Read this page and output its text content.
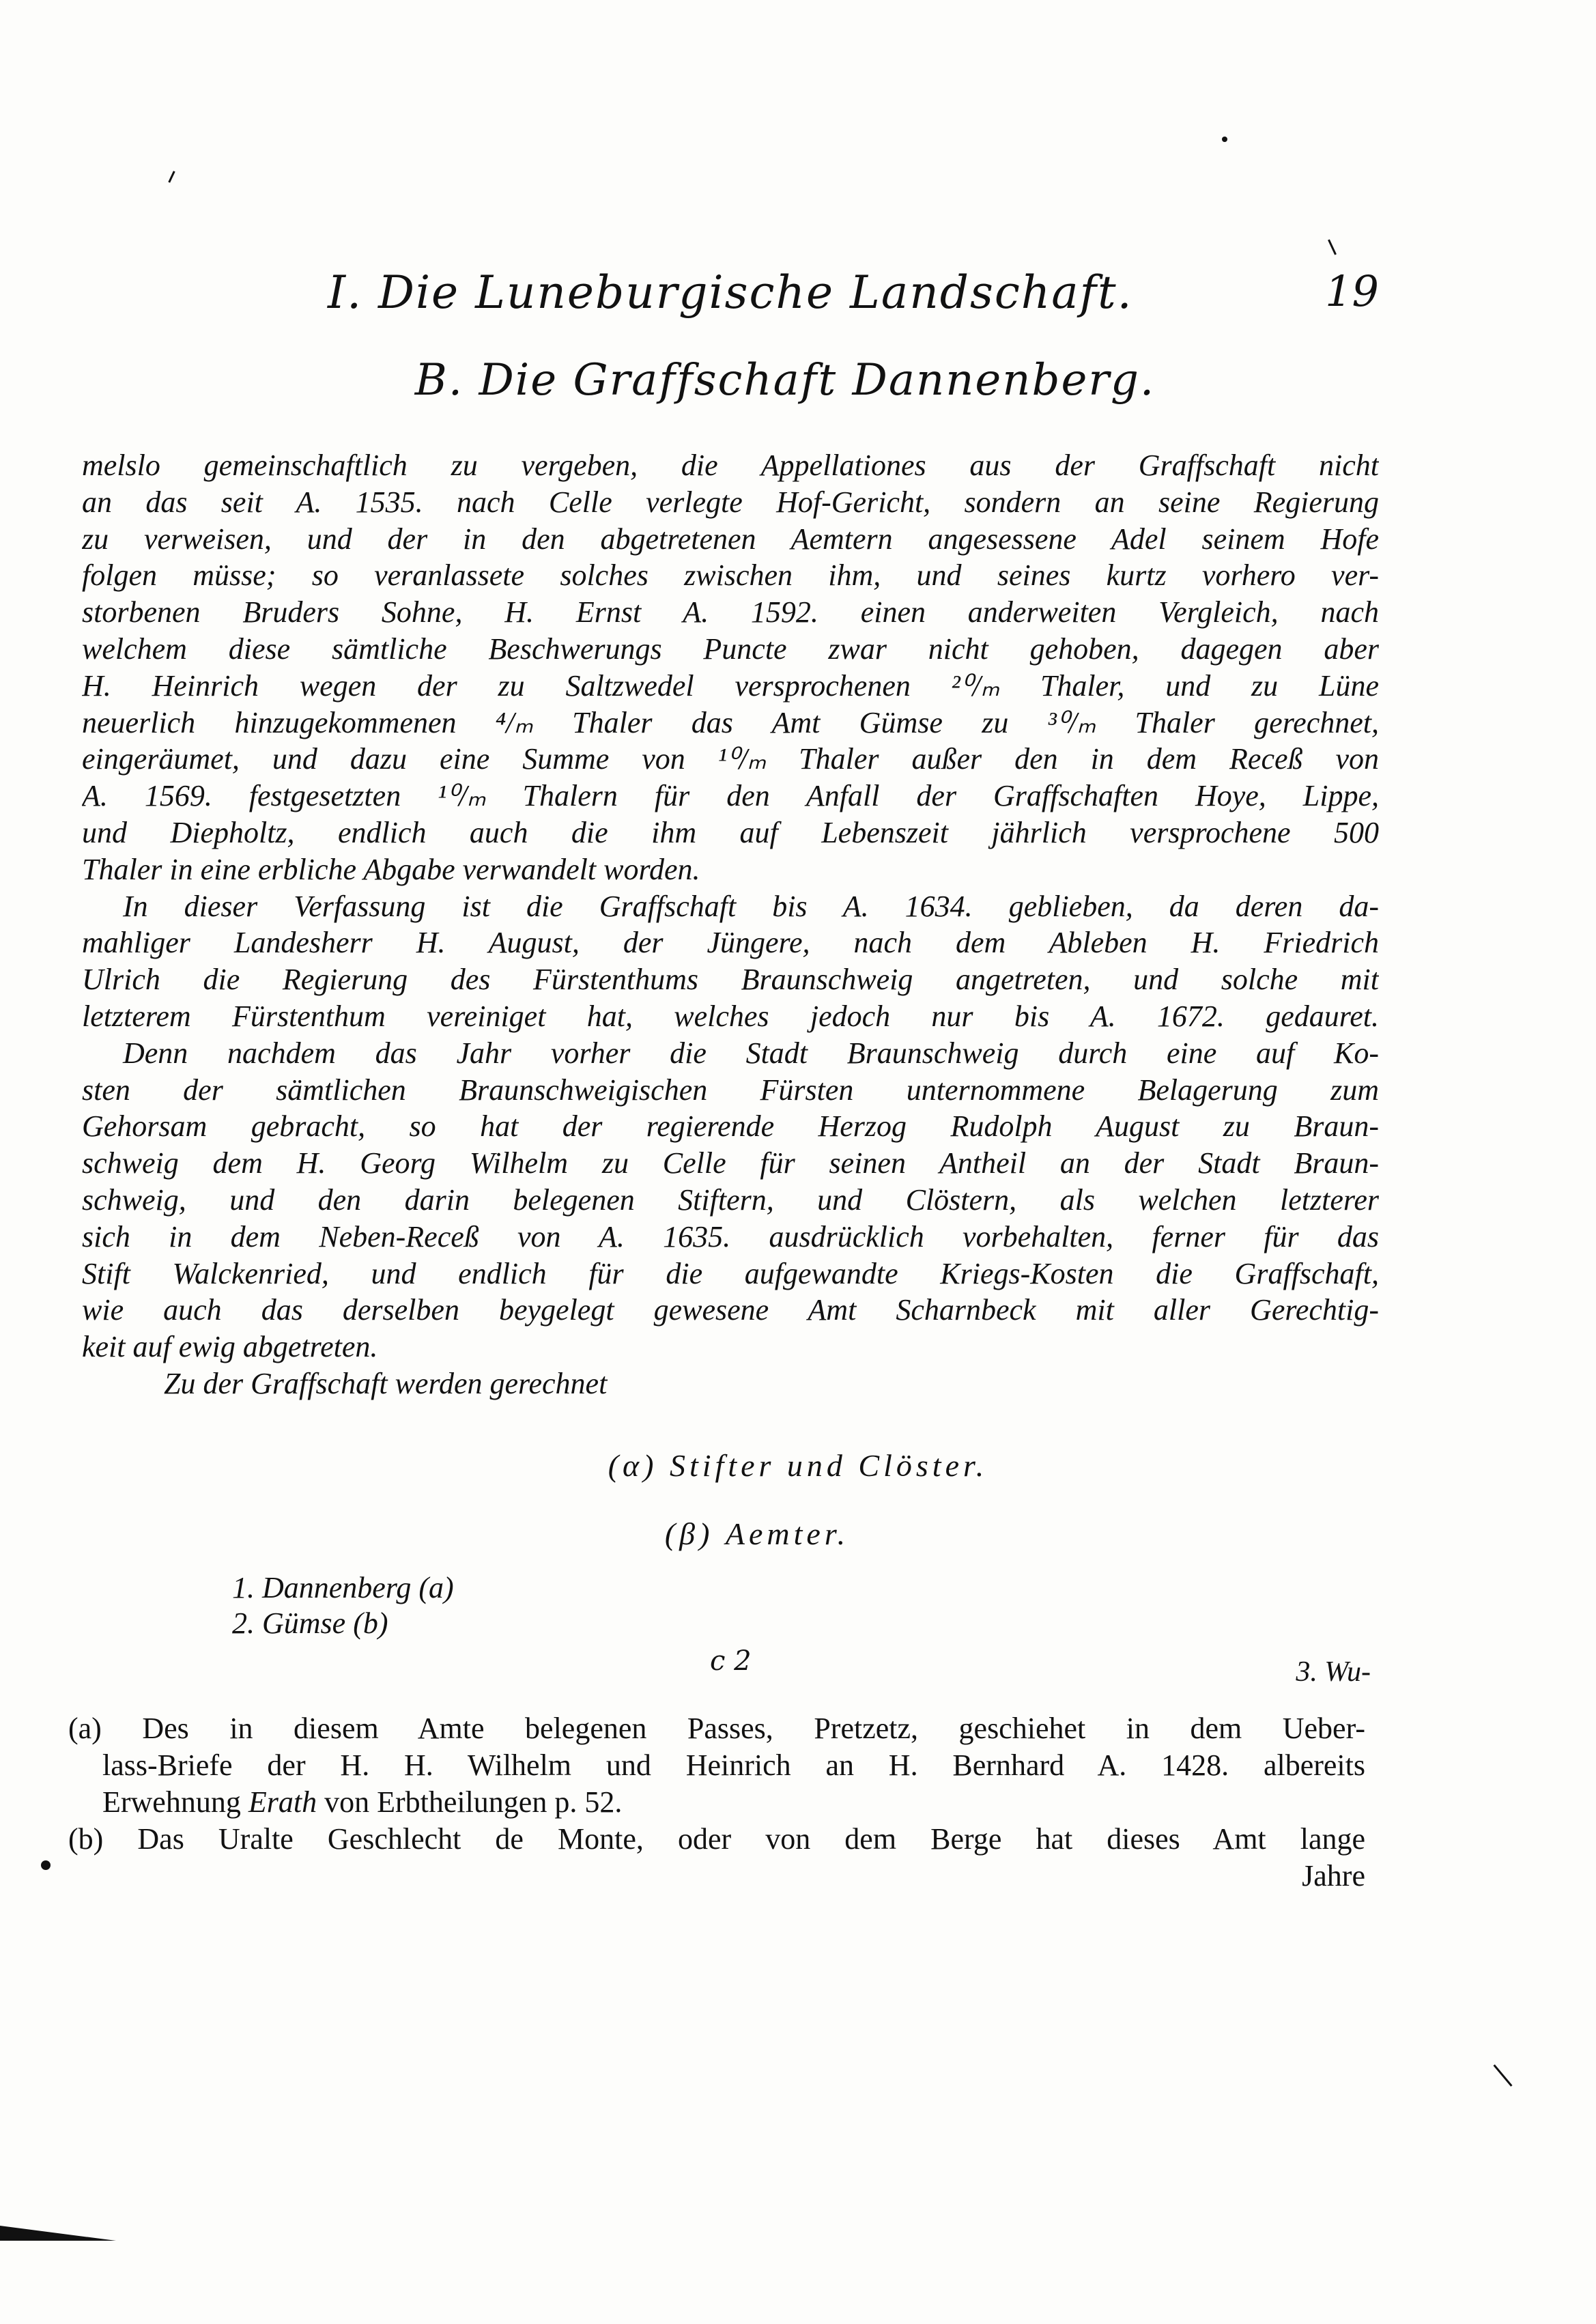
I. Die Luneburgische Landschaft.	19
B. Die Graffschaft Dannenberg.
melslo gemeinschaftlich zu vergeben, die Appellationes aus der Graffschaft nicht
an das seit A. 1535. nach Celle verlegte Hof-Gericht, sondern an seine Regierung
zu verweisen, und der in den abgetretenen Aemtern angesessene Adel seinem Hofe
folgen müsse; so veranlassete solches zwischen ihm, und seines kurtz vorhero ver-
storbenen Bruders Sohne, H. Ernst A. 1592. einen anderweiten Vergleich, nach
welchem diese sämtliche Beschwerungs Puncte zwar nicht gehoben, dagegen aber
H. Heinrich wegen der zu Saltzwedel versprochenen ²⁰/ₘ Thaler, und zu Lüne
neuerlich hinzugekommenen ⁴/ₘ Thaler das Amt Gümse zu ³⁰/ₘ Thaler gerechnet,
eingeräumet, und dazu eine Summe von ¹⁰/ₘ Thaler außer den in dem Receß von
A. 1569. festgesetzten ¹⁰/ₘ Thalern für den Anfall der Graffschaften Hoye, Lippe,
und Diepholtz, endlich auch die ihm auf Lebenszeit jährlich versprochene 500
Thaler in eine erbliche Abgabe verwandelt worden.
In dieser Verfassung ist die Graffschaft bis A. 1634. geblieben, da deren da-
mahliger Landesherr H. August, der Jüngere, nach dem Ableben H. Friedrich
Ulrich die Regierung des Fürstenthums Braunschweig angetreten, und solche mit
letzterem Fürstenthum vereiniget hat, welches jedoch nur bis A. 1672. gedauret.
Denn nachdem das Jahr vorher die Stadt Braunschweig durch eine auf Ko-
sten der sämtlichen Braunschweigischen Fürsten unternommene Belagerung zum
Gehorsam gebracht, so hat der regierende Herzog Rudolph August zu Braun-
schweig dem H. Georg Wilhelm zu Celle für seinen Antheil an der Stadt Braun-
schweig, und den darin belegenen Stiftern, und Clöstern, als welchen letzterer
sich in dem Neben-Receß von A. 1635. ausdrücklich vorbehalten, ferner für das
Stift Walckenried, und endlich für die aufgewandte Kriegs-Kosten die Graffschaft,
wie auch das derselben beygelegt gewesene Amt Scharnbeck mit aller Gerechtig-
keit auf ewig abgetreten.
Zu der Graffschaft werden gerechnet
(α) Stifter und Clöster.
(β) Aemter.
1. Dannenberg (a)
2. Gümse (b)
c 2	3. Wu-
(a) Des in diesem Amte belegenen Passes, Pretzetz, geschiehet in dem Ueber-
lass-Briefe der H. H. Wilhelm und Heinrich an H. Bernhard A. 1428. albereits
Erwehnung Erath von Erbtheilungen p. 52.
(b) Das Uralte Geschlecht de Monte, oder von dem Berge hat dieses Amt lange
Jahre
